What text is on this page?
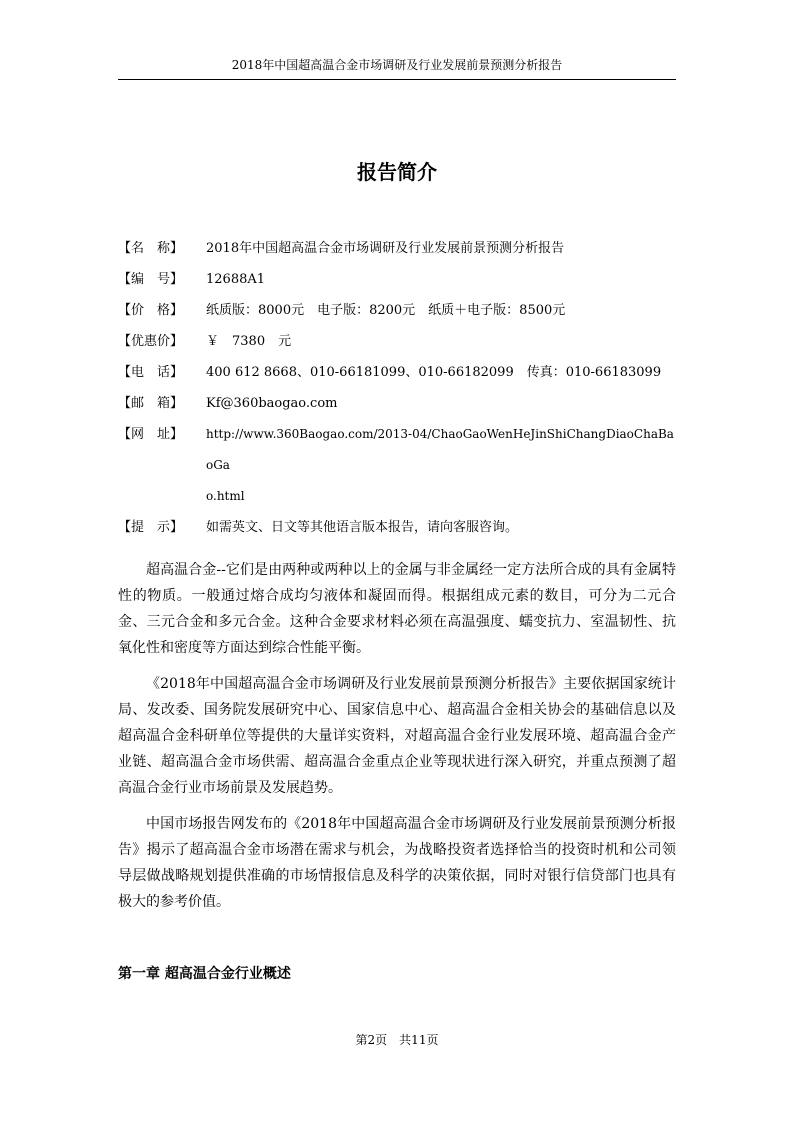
2018年中国超高温合金市场调研及行业发展前景预测分析报告
报告简介
【名　称】	2018年中国超高温合金市场调研及行业发展前景预测分析报告
【编　号】	12688A1
【价　格】	纸质版：8000元　电子版：8200元　纸质＋电子版：8500元
【优惠价】	￥　7380　元
【电　话】	400 612 8668、010-66181099、010-66182099　传真：010-66183099
【邮　箱】	Kf@360baogao.com
【网　址】	http://www.360Baogao.com/2013-04/ChaoGaoWenHeJinShiChangDiaoChaBaoGa
o.html
【提　示】	如需英文、日文等其他语言版本报告，请向客服咨询。

超高温合金--它们是由两种或两种以上的金属与非金属经一定方法所合成的具有金属特性的物质。一般通过熔合成均匀液体和凝固而得。根据组成元素的数目，可分为二元合金、三元合金和多元合金。这种合金要求材料必须在高温强度、蠕变抗力、室温韧性、抗氧化性和密度等方面达到综合性能平衡。

《2018年中国超高温合金市场调研及行业发展前景预测分析报告》主要依据国家统计局、发改委、国务院发展研究中心、国家信息中心、超高温合金相关协会的基础信息以及超高温合金科研单位等提供的大量详实资料，对超高温合金行业发展环境、超高温合金产业链、超高温合金市场供需、超高温合金重点企业等现状进行深入研究，并重点预测了超高温合金行业市场前景及发展趋势。

中国市场报告网发布的《2018年中国超高温合金市场调研及行业发展前景预测分析报告》揭示了超高温合金市场潜在需求与机会，为战略投资者选择恰当的投资时机和公司领导层做战略规划提供准确的市场情报信息及科学的决策依据，同时对银行信贷部门也具有极大的参考价值。

第一章 超高温合金行业概述
第2页　共11页
